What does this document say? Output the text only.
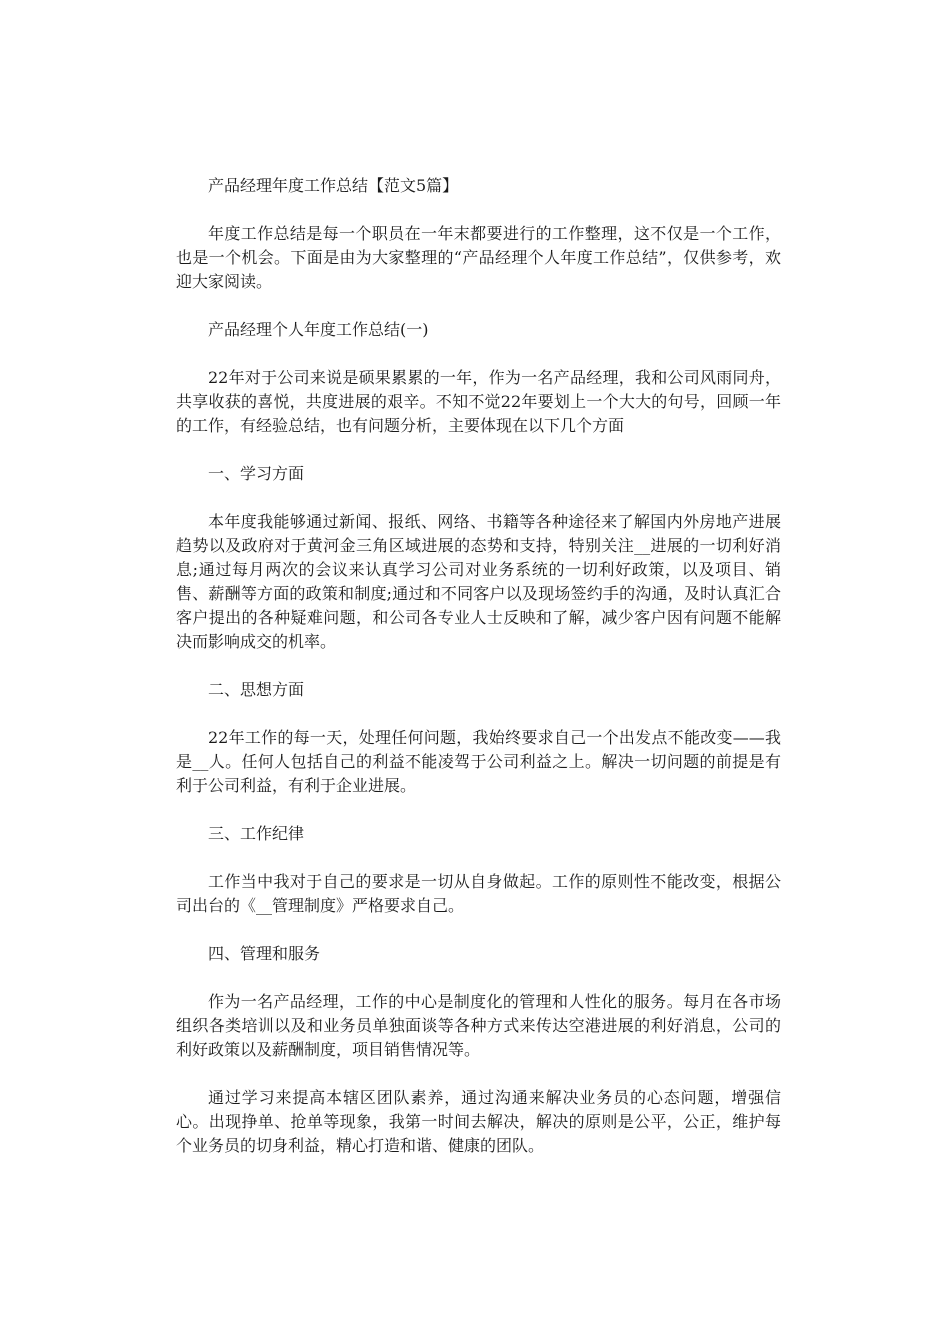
产品经理年度工作总结【范文5篇】

年度工作总结是每一个职员在一年末都要进行的工作整理，这不仅是一个工作，也是一个机会。下面是由为大家整理的“产品经理个人年度工作总结”，仅供参考，欢迎大家阅读。

产品经理个人年度工作总结(一)

22年对于公司来说是硕果累累的一年，作为一名产品经理，我和公司风雨同舟，共享收获的喜悦，共度进展的艰辛。不知不觉22年要划上一个大大的句号，回顾一年的工作，有经验总结，也有问题分析，主要体现在以下几个方面

一、学习方面

本年度我能够通过新闻、报纸、网络、书籍等各种途径来了解国内外房地产进展趋势以及政府对于黄河金三角区域进展的态势和支持，特别关注__进展的一切利好消息;通过每月两次的会议来认真学习公司对业务系统的一切利好政策，以及项目、销售、薪酬等方面的政策和制度;通过和不同客户以及现场签约手的沟通，及时认真汇合客户提出的各种疑难问题，和公司各专业人士反映和了解，减少客户因有问题不能解决而影响成交的机率。

二、思想方面

22年工作的每一天，处理任何问题，我始终要求自己一个出发点不能改变——我是__人。任何人包括自己的利益不能凌驾于公司利益之上。解决一切问题的前提是有利于公司利益，有利于企业进展。

三、工作纪律

工作当中我对于自己的要求是一切从自身做起。工作的原则性不能改变，根据公司出台的《__管理制度》严格要求自己。

四、管理和服务

作为一名产品经理，工作的中心是制度化的管理和人性化的服务。每月在各市场组织各类培训以及和业务员单独面谈等各种方式来传达空港进展的利好消息，公司的利好政策以及薪酬制度，项目销售情况等。

通过学习来提高本辖区团队素养，通过沟通来解决业务员的心态问题，增强信心。出现挣单、抢单等现象，我第一时间去解决，解决的原则是公平，公正，维护每个业务员的切身利益，精心打造和谐、健康的团队。
